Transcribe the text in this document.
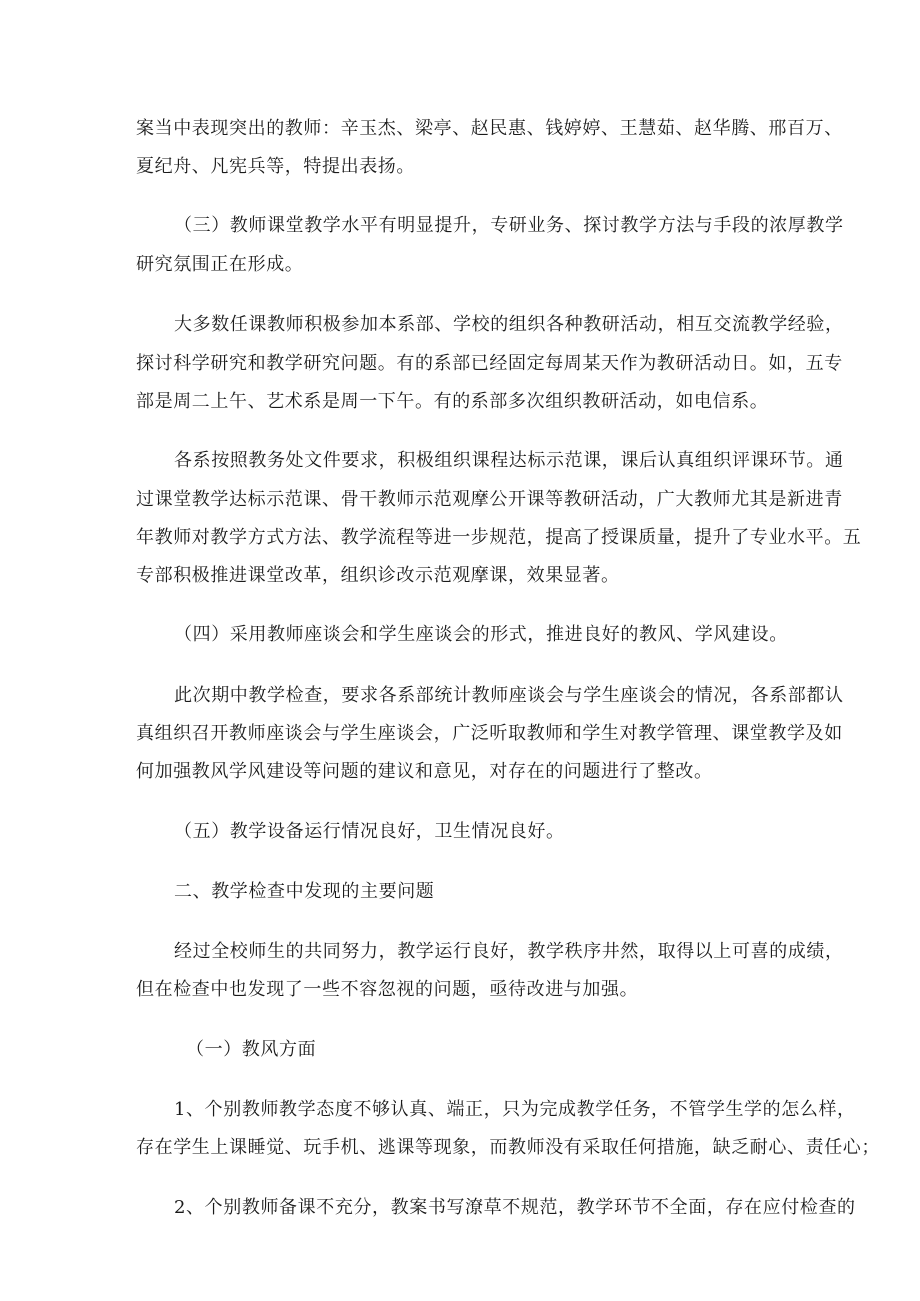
案当中表现突出的教师：辛玉杰、梁亭、赵民惠、钱婷婷、王慧茹、赵华腾、邢百万、
夏纪舟、凡宪兵等，特提出表扬。
（三）教师课堂教学水平有明显提升，专研业务、探讨教学方法与手段的浓厚教学
研究氛围正在形成。
大多数任课教师积极参加本系部、学校的组织各种教研活动，相互交流教学经验，
探讨科学研究和教学研究问题。有的系部已经固定每周某天作为教研活动日。如，五专
部是周二上午、艺术系是周一下午。有的系部多次组织教研活动，如电信系。
各系按照教务处文件要求，积极组织课程达标示范课，课后认真组织评课环节。通
过课堂教学达标示范课、骨干教师示范观摩公开课等教研活动，广大教师尤其是新进青
年教师对教学方式方法、教学流程等进一步规范，提高了授课质量，提升了专业水平。五
专部积极推进课堂改革，组织诊改示范观摩课，效果显著。
（四）采用教师座谈会和学生座谈会的形式，推进良好的教风、学风建设。
此次期中教学检查，要求各系部统计教师座谈会与学生座谈会的情况，各系部都认
真组织召开教师座谈会与学生座谈会，广泛听取教师和学生对教学管理、课堂教学及如
何加强教风学风建设等问题的建议和意见，对存在的问题进行了整改。
（五）教学设备运行情况良好，卫生情况良好。
二、教学检查中发现的主要问题
经过全校师生的共同努力，教学运行良好，教学秩序井然，取得以上可喜的成绩，
但在检查中也发现了一些不容忽视的问题，亟待改进与加强。
（一）教风方面
1、个别教师教学态度不够认真、端正，只为完成教学任务，不管学生学的怎么样，
存在学生上课睡觉、玩手机、逃课等现象，而教师没有采取任何措施，缺乏耐心、责任心；
2、个别教师备课不充分，教案书写潦草不规范，教学环节不全面，存在应付检查的
